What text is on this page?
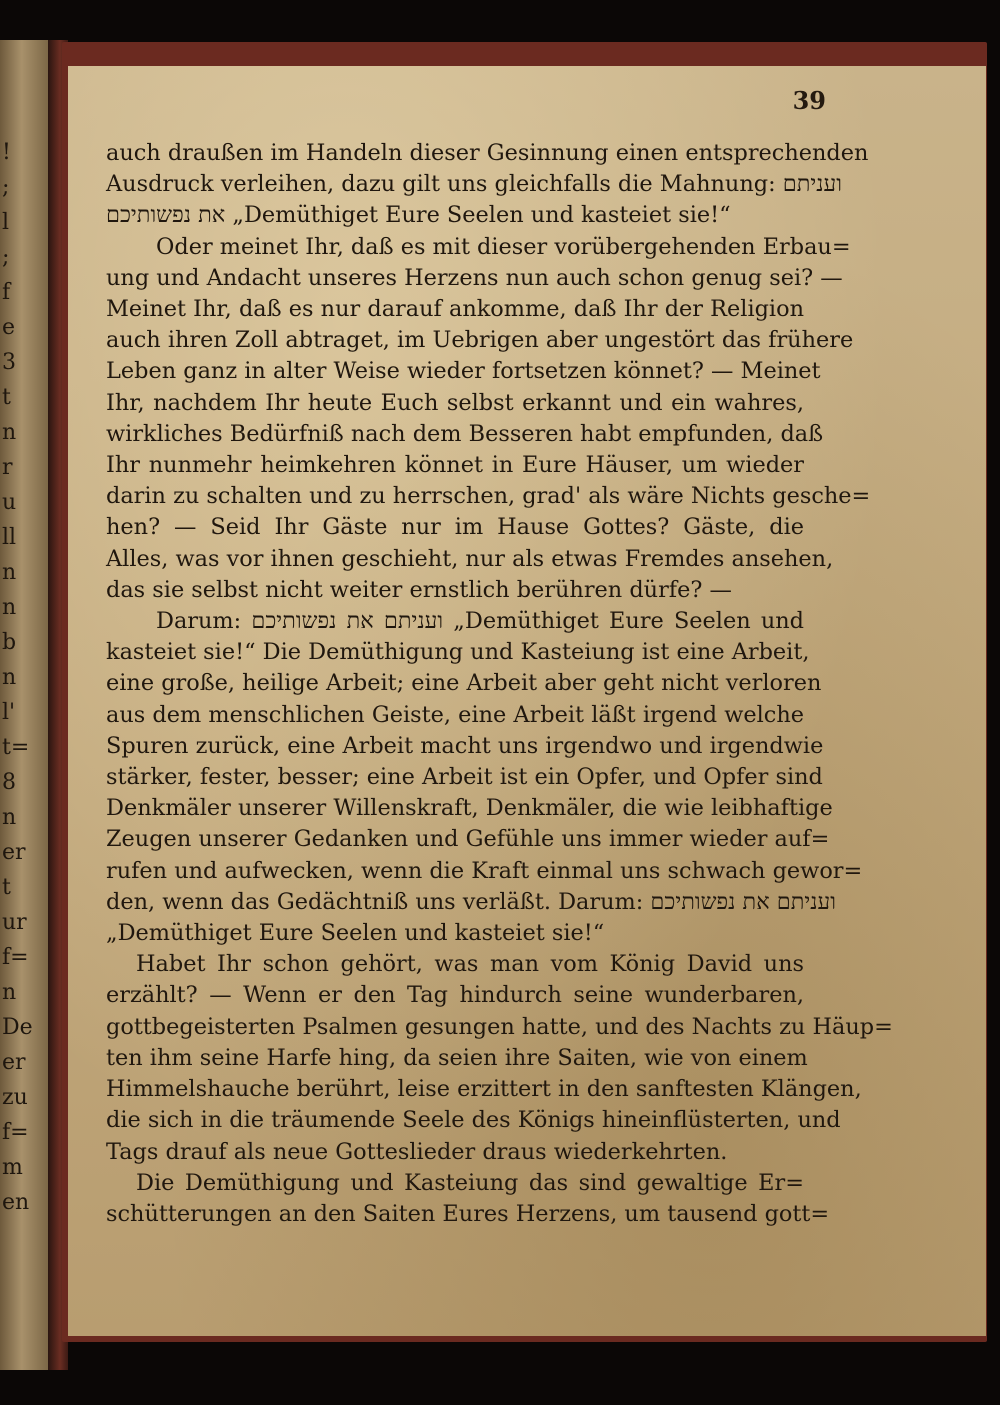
!
;
l
;
f
e
3
t
n
r
u
ll
n
n
b
n
l'
t=
8
n
er
t
ur
f=
n
De
er
zu
f=
m
en
39
auch draußen im Handeln dieser Gesinnung einen entsprechenden
Ausdruck verleihen, dazu gilt uns gleichfalls die Mahnung: ועניתם
את נפשותיכם „Demüthiget Eure Seelen und kasteiet sie!“
Oder meinet Ihr, daß es mit dieser vorübergehenden Erbau=
ung und Andacht unseres Herzens nun auch schon genug sei? —
Meinet Ihr, daß es nur darauf ankomme, daß Ihr der Religion
auch ihren Zoll abtraget, im Uebrigen aber ungestört das frühere
Leben ganz in alter Weise wieder fortsetzen könnet? — Meinet
Ihr, nachdem Ihr heute Euch selbst erkannt und ein wahres,
wirkliches Bedürfniß nach dem Besseren habt empfunden, daß
Ihr nunmehr heimkehren könnet in Eure Häuser, um wieder
darin zu schalten und zu herrschen, grad' als wäre Nichts gesche=
hen? — Seid Ihr Gäste nur im Hause Gottes? Gäste, die
Alles, was vor ihnen geschieht, nur als etwas Fremdes ansehen,
das sie selbst nicht weiter ernstlich berühren dürfe? —
Darum: ועניתם את נפשותיכם „Demüthiget Eure Seelen und
kasteiet sie!“ Die Demüthigung und Kasteiung ist eine Arbeit,
eine große, heilige Arbeit; eine Arbeit aber geht nicht verloren
aus dem menschlichen Geiste, eine Arbeit läßt irgend welche
Spuren zurück, eine Arbeit macht uns irgendwo und irgendwie
stärker, fester, besser; eine Arbeit ist ein Opfer, und Opfer sind
Denkmäler unserer Willenskraft, Denkmäler, die wie leibhaftige
Zeugen unserer Gedanken und Gefühle uns immer wieder auf=
rufen und aufwecken, wenn die Kraft einmal uns schwach gewor=
den, wenn das Gedächtniß uns verläßt. Darum: ועניתם את נפשותיכם
„Demüthiget Eure Seelen und kasteiet sie!“
Habet Ihr schon gehört, was man vom König David uns
erzählt? — Wenn er den Tag hindurch seine wunderbaren,
gottbegeisterten Psalmen gesungen hatte, und des Nachts zu Häup=
ten ihm seine Harfe hing, da seien ihre Saiten, wie von einem
Himmelshauche berührt, leise erzittert in den sanftesten Klängen,
die sich in die träumende Seele des Königs hineinflüsterten, und
Tags drauf als neue Gotteslieder draus wiederkehrten.
Die Demüthigung und Kasteiung das sind gewaltige Er=
schütterungen an den Saiten Eures Herzens, um tausend gott=
